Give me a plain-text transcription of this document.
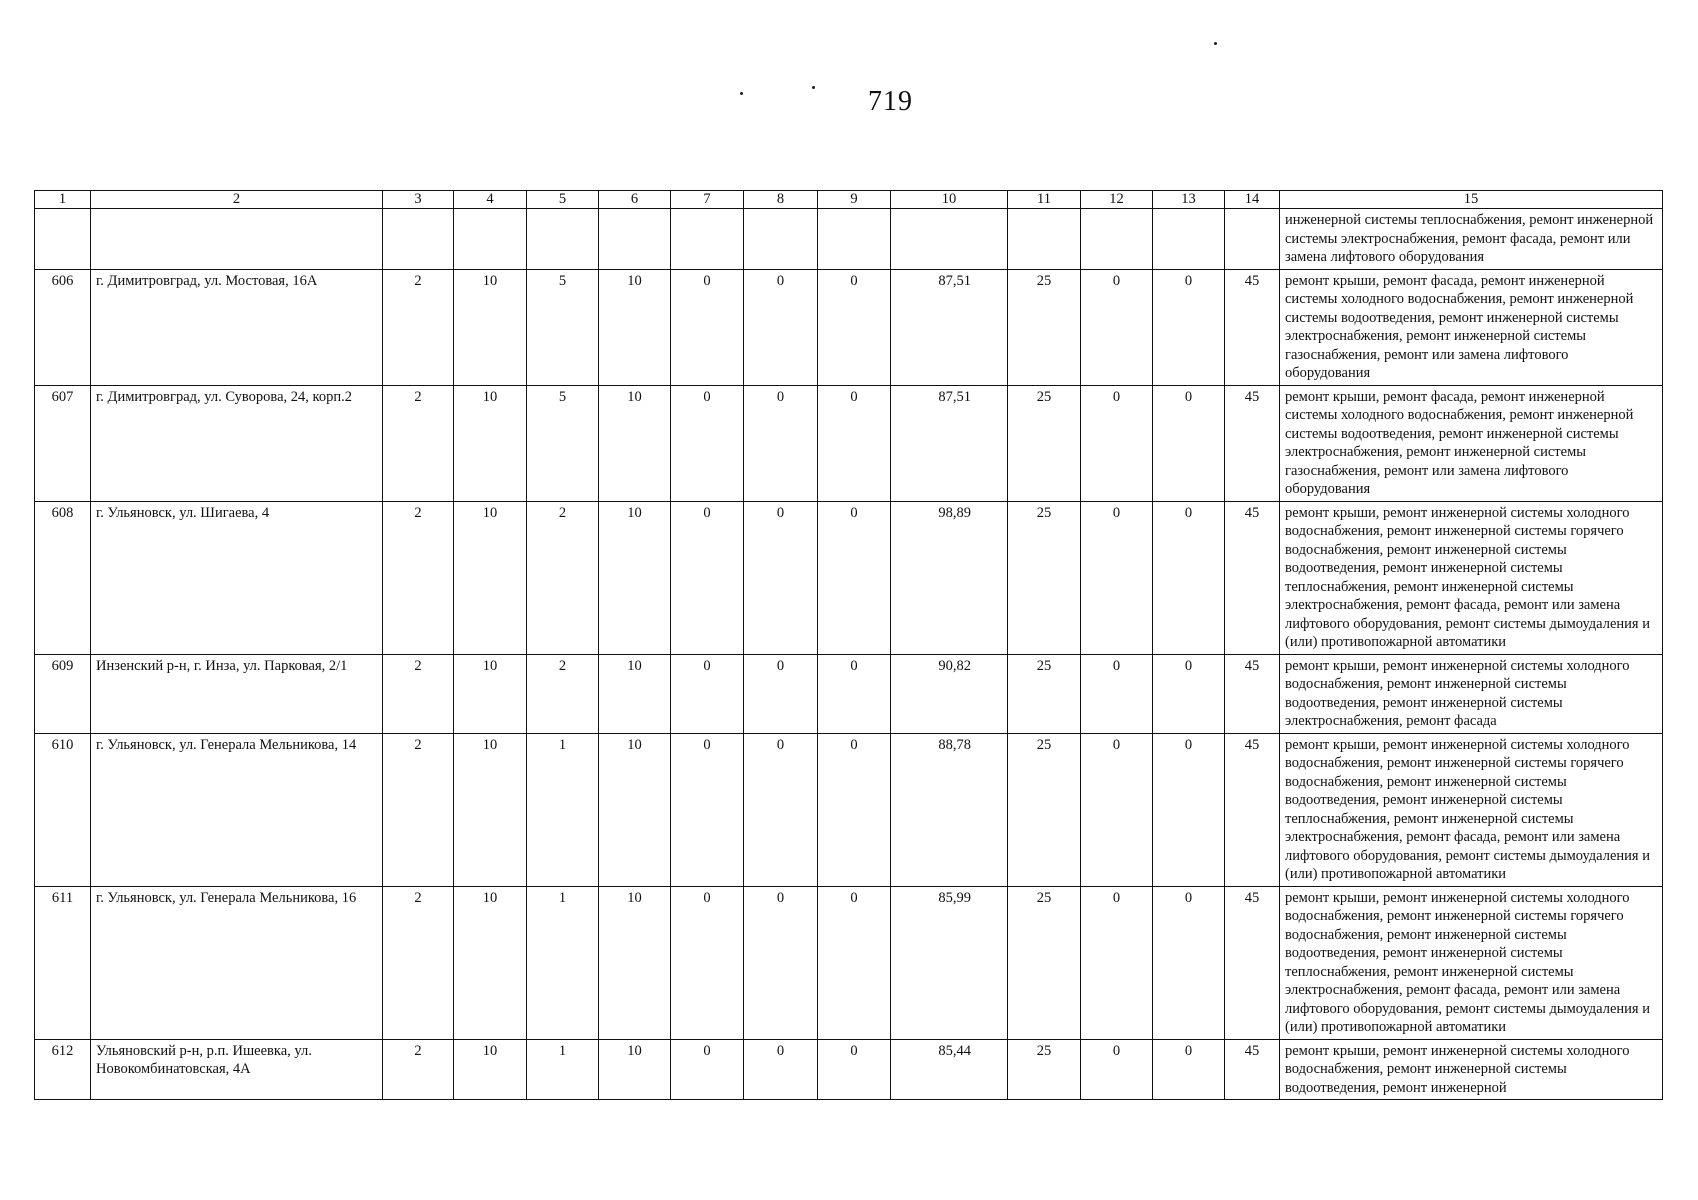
719
1	2	3	4	5	6	7	8	9	10	11	12	13	14	15
														инженерной системы теплоснабжения, ремонт инженерной системы электроснабжения, ремонт фасада, ремонт или замена лифтового оборудования
606	г. Димитровград, ул. Мостовая, 16А	2	10	5	10	0	0	0	87,51	25	0	0	45	ремонт крыши, ремонт фасада, ремонт инженерной системы холодного водоснабжения, ремонт инженерной системы водоотведения, ремонт инженерной системы электроснабжения, ремонт инженерной системы газоснабжения, ремонт или замена лифтового оборудования
607	г. Димитровград, ул. Суворова, 24, корп.2	2	10	5	10	0	0	0	87,51	25	0	0	45	ремонт крыши, ремонт фасада, ремонт инженерной системы холодного водоснабжения, ремонт инженерной системы водоотведения, ремонт инженерной системы электроснабжения, ремонт инженерной системы газоснабжения, ремонт или замена лифтового оборудования
608	г. Ульяновск, ул. Шигаева, 4	2	10	2	10	0	0	0	98,89	25	0	0	45	ремонт крыши, ремонт инженерной системы холодного водоснабжения, ремонт инженерной системы горячего водоснабжения, ремонт инженерной системы водоотведения, ремонт инженерной системы теплоснабжения, ремонт инженерной системы электроснабжения, ремонт фасада, ремонт или замена лифтового оборудования, ремонт системы дымоудаления и (или) противопожарной автоматики
609	Инзенский р-н, г. Инза, ул. Парковая, 2/1	2	10	2	10	0	0	0	90,82	25	0	0	45	ремонт крыши, ремонт инженерной системы холодного водоснабжения, ремонт инженерной системы водоотведения, ремонт инженерной системы электроснабжения, ремонт фасада
610	г. Ульяновск, ул. Генерала Мельникова, 14	2	10	1	10	0	0	0	88,78	25	0	0	45	ремонт крыши, ремонт инженерной системы холодного водоснабжения, ремонт инженерной системы горячего водоснабжения, ремонт инженерной системы водоотведения, ремонт инженерной системы теплоснабжения, ремонт инженерной системы электроснабжения, ремонт фасада, ремонт или замена лифтового оборудования, ремонт системы дымоудаления и (или) противопожарной автоматики
611	г. Ульяновск, ул. Генерала Мельникова, 16	2	10	1	10	0	0	0	85,99	25	0	0	45	ремонт крыши, ремонт инженерной системы холодного водоснабжения, ремонт инженерной системы горячего водоснабжения, ремонт инженерной системы водоотведения, ремонт инженерной системы теплоснабжения, ремонт инженерной системы электроснабжения, ремонт фасада, ремонт или замена лифтового оборудования, ремонт системы дымоудаления и (или) противопожарной автоматики
612	Ульяновский р-н, р.п. Ишеевка, ул. Новокомбинатовская, 4А	2	10	1	10	0	0	0	85,44	25	0	0	45	ремонт крыши, ремонт инженерной системы холодного водоснабжения, ремонт инженерной системы водоотведения, ремонт инженерной
